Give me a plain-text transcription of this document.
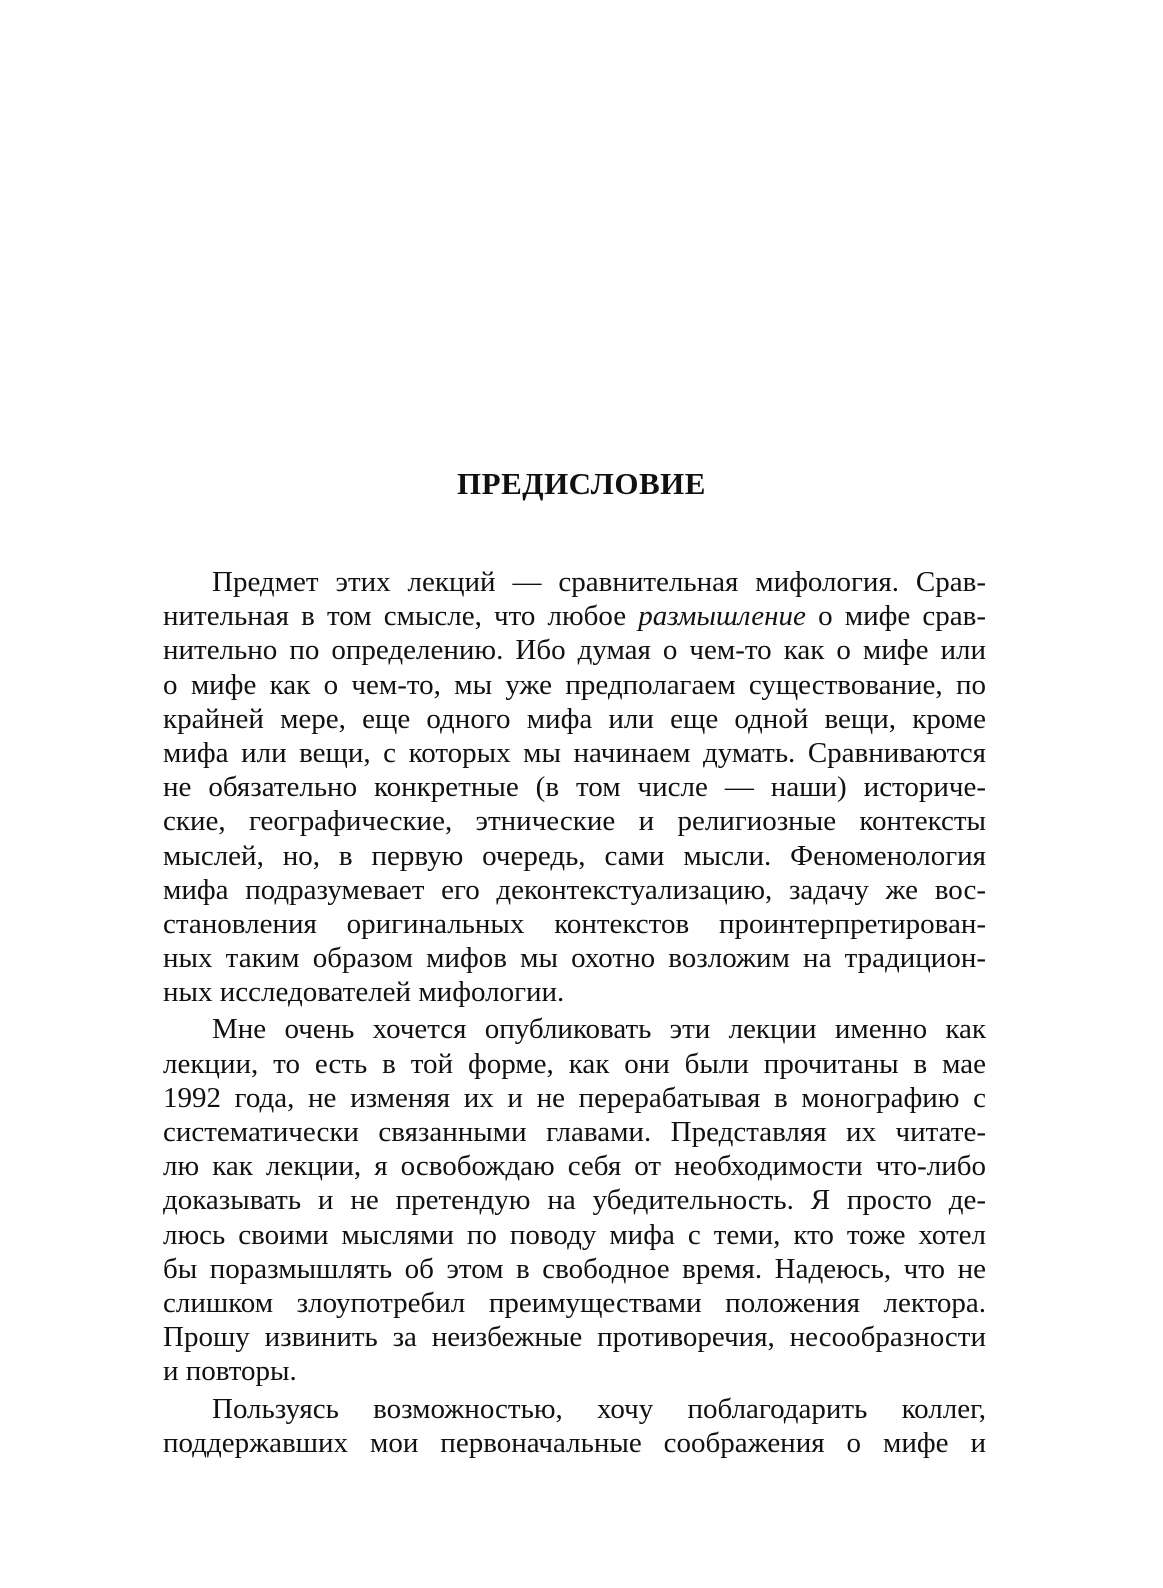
ПРЕДИСЛОВИЕ
Предмет этих лекций — сравнительная мифология. Срав-
нительная в том смысле, что любое размышление о мифе срав-
нительно по определению. Ибо думая о чем-то как о мифе или
о мифе как о чем-то, мы уже предполагаем существование, по
крайней мере, еще одного мифа или еще одной вещи, кроме
мифа или вещи, с которых мы начинаем думать. Сравниваются
не обязательно конкретные (в том числе — наши) историче-
ские, географические, этнические и религиозные контексты
мыслей, но, в первую очередь, сами мысли. Феноменология
мифа подразумевает его деконтекстуализацию, задачу же вос-
становления оригинальных контекстов проинтерпретирован-
ных таким образом мифов мы охотно возложим на традицион-
ных исследователей мифологии.
Мне очень хочется опубликовать эти лекции именно как
лекции, то есть в той форме, как они были прочитаны в мае
1992 года, не изменяя их и не перерабатывая в монографию с
систематически связанными главами. Представляя их читате-
лю как лекции, я освобождаю себя от необходимости что-либо
доказывать и не претендую на убедительность. Я просто де-
люсь своими мыслями по поводу мифа с теми, кто тоже хотел
бы поразмышлять об этом в свободное время. Надеюсь, что не
слишком злоупотребил преимуществами положения лектора.
Прошу извинить за неизбежные противоречия, несообразности
и повторы.
Пользуясь возможностью, хочу поблагодарить коллег,
поддержавших мои первоначальные соображения о мифе и
